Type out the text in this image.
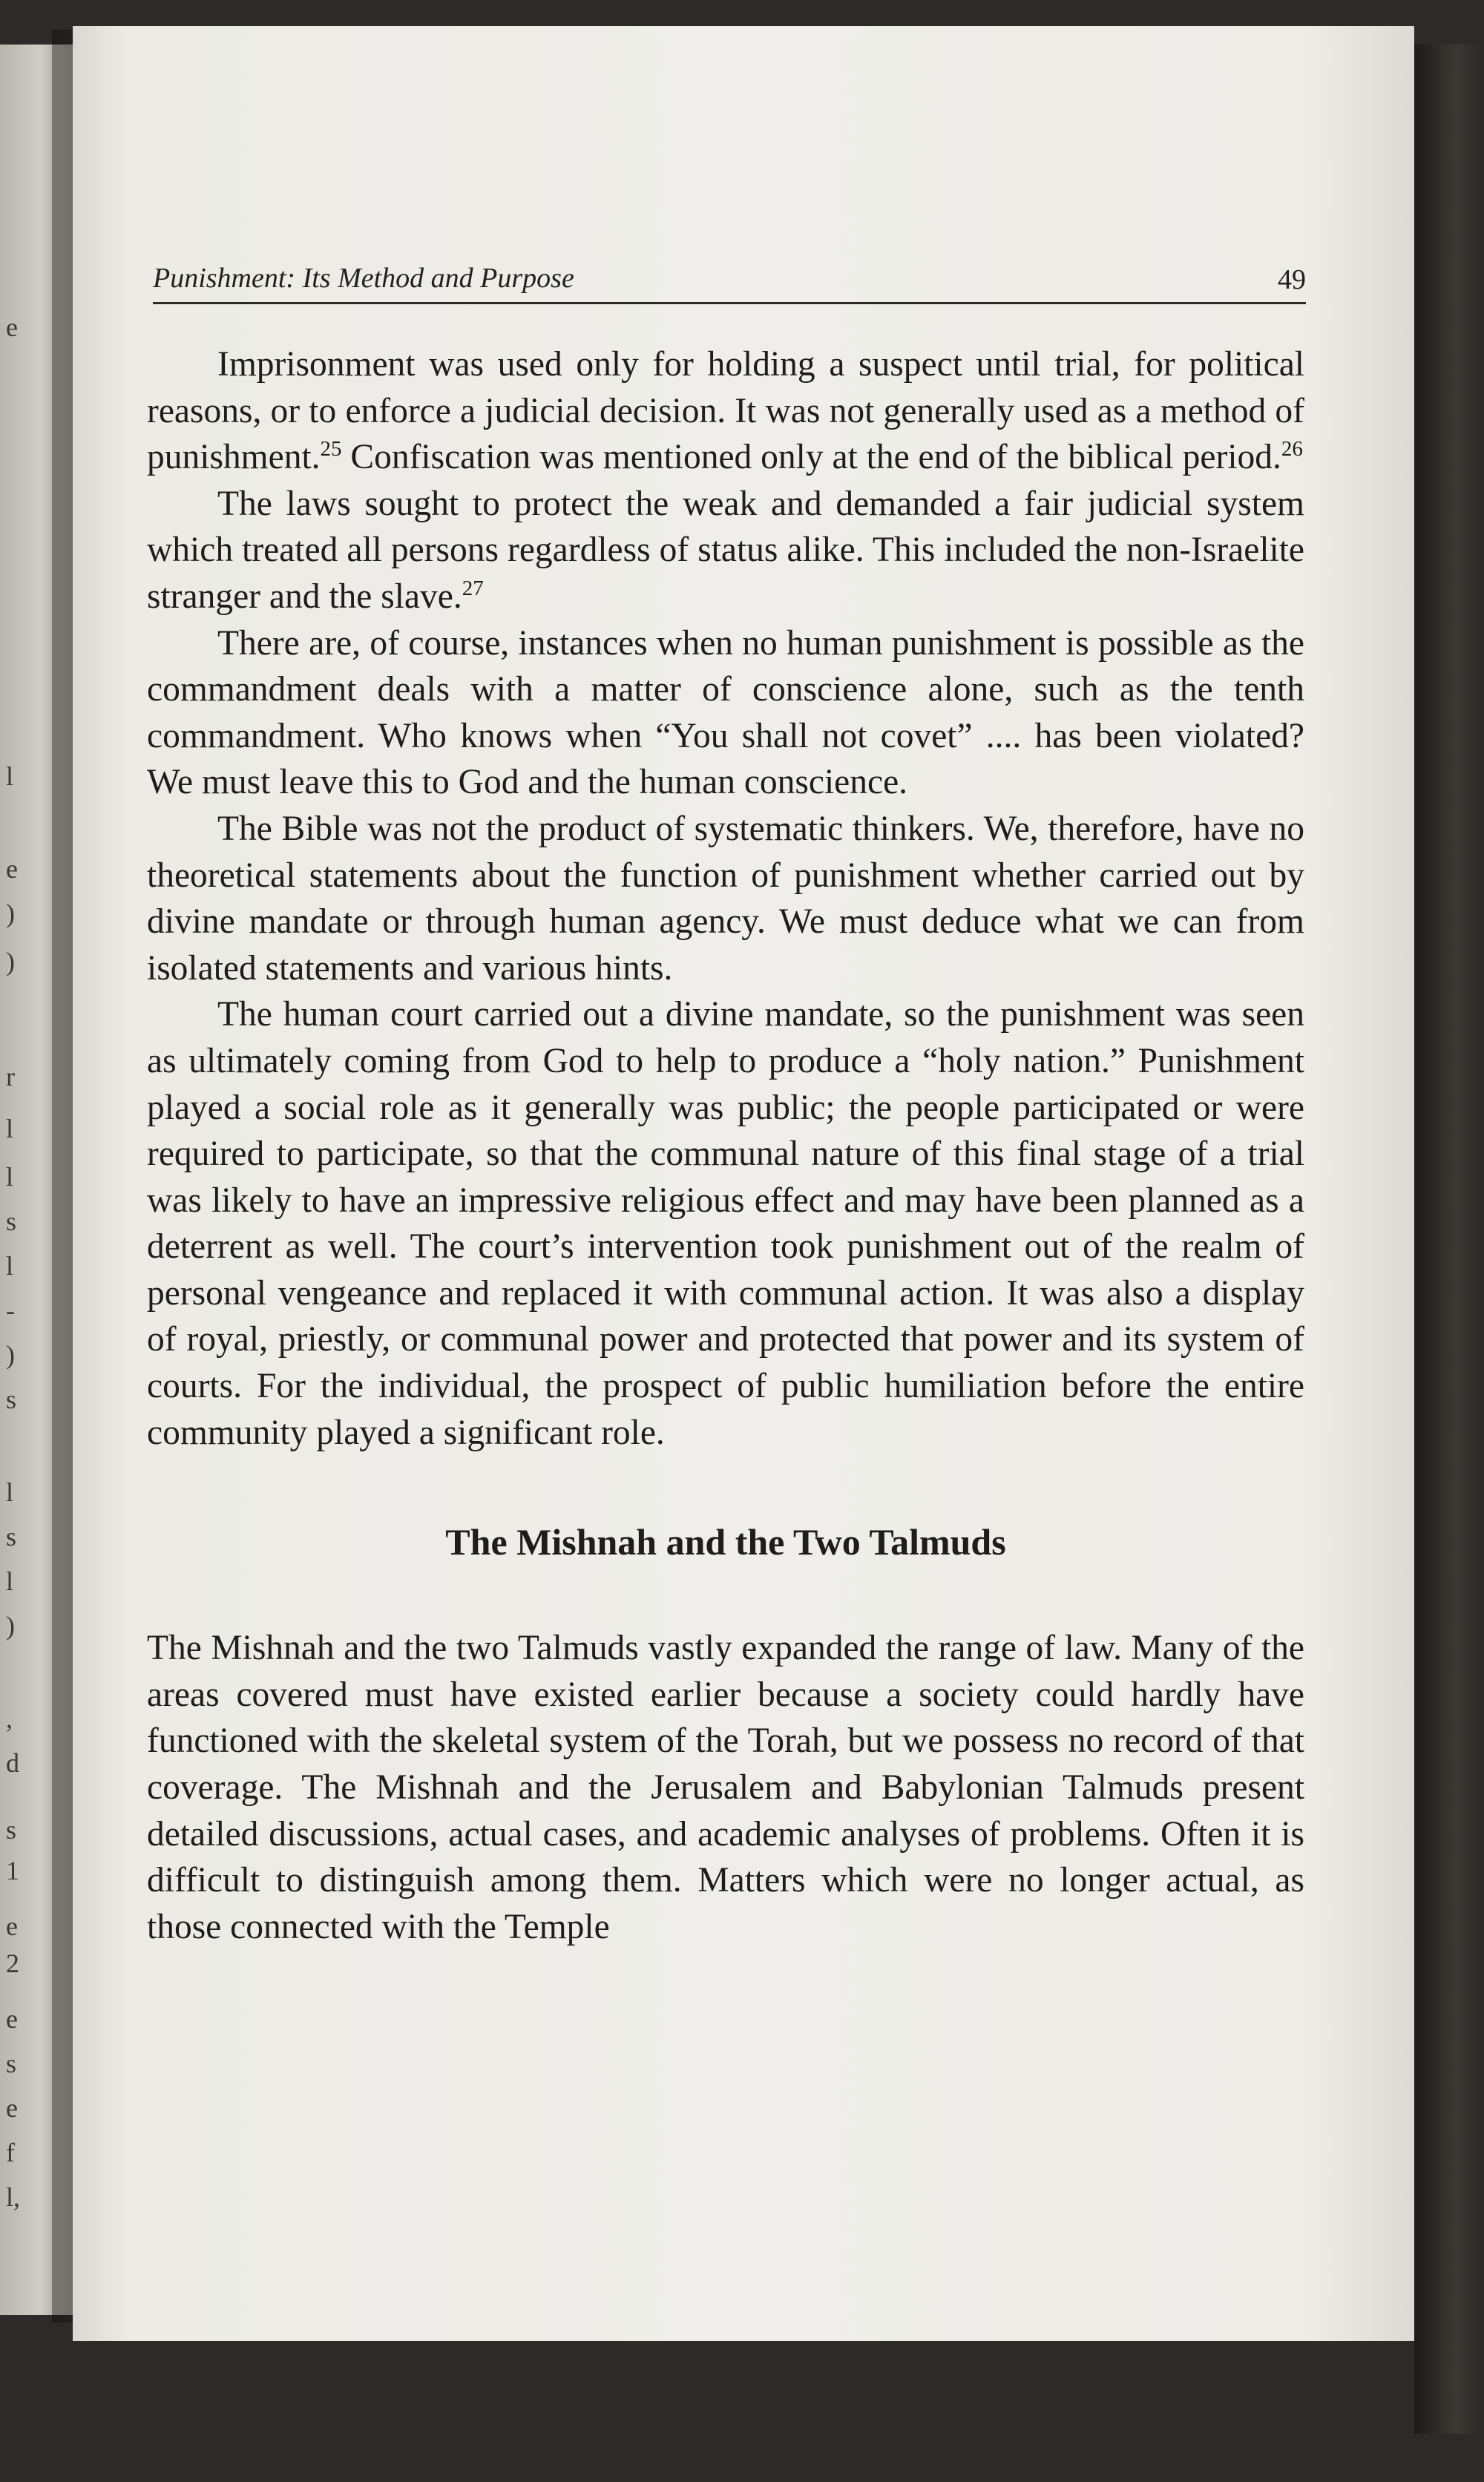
e
l
e
)
)
r
l
l
s
l
-
)
s
l
s
l
)
,
d
s
1
e
2
e
s
e
f
l,
Punishment: Its Method and Purpose	49

Imprisonment was used only for holding a suspect until trial, for political reasons, or to enforce a judicial decision. It was not generally used as a method of punishment.$^{25}$ Confiscation was mentioned only at the end of the biblical period.$^{26}$

The laws sought to protect the weak and demanded a fair judicial system which treated all persons regardless of status alike. This included the non-Israelite stranger and the slave.$^{27}$

There are, of course, instances when no human punishment is possible as the commandment deals with a matter of conscience alone, such as the tenth commandment. Who knows when “You shall not covet” .... has been violated? We must leave this to God and the human conscience.

The Bible was not the product of systematic thinkers. We, therefore, have no theoretical statements about the function of punishment whether carried out by divine mandate or through human agency. We must deduce what we can from isolated statements and various hints.

The human court carried out a divine mandate, so the punishment was seen as ultimately coming from God to help to produce a “holy nation.” Punishment played a social role as it generally was public; the people participated or were required to participate, so that the communal nature of this final stage of a trial was likely to have an impressive religious effect and may have been planned as a deterrent as well. The court’s intervention took punishment out of the realm of personal vengeance and replaced it with communal action. It was also a display of royal, priestly, or communal power and protected that power and its system of courts. For the individual, the prospect of public humiliation before the entire community played a significant role.

The Mishnah and the Two Talmuds

The Mishnah and the two Talmuds vastly expanded the range of law. Many of the areas covered must have existed earlier because a society could hardly have functioned with the skeletal system of the Torah, but we possess no record of that coverage. The Mishnah and the Jerusalem and Babylonian Talmuds present detailed discussions, actual cases, and academic analyses of problems. Often it is difficult to distinguish among them. Matters which were no longer actual, as those connected with the Temple
